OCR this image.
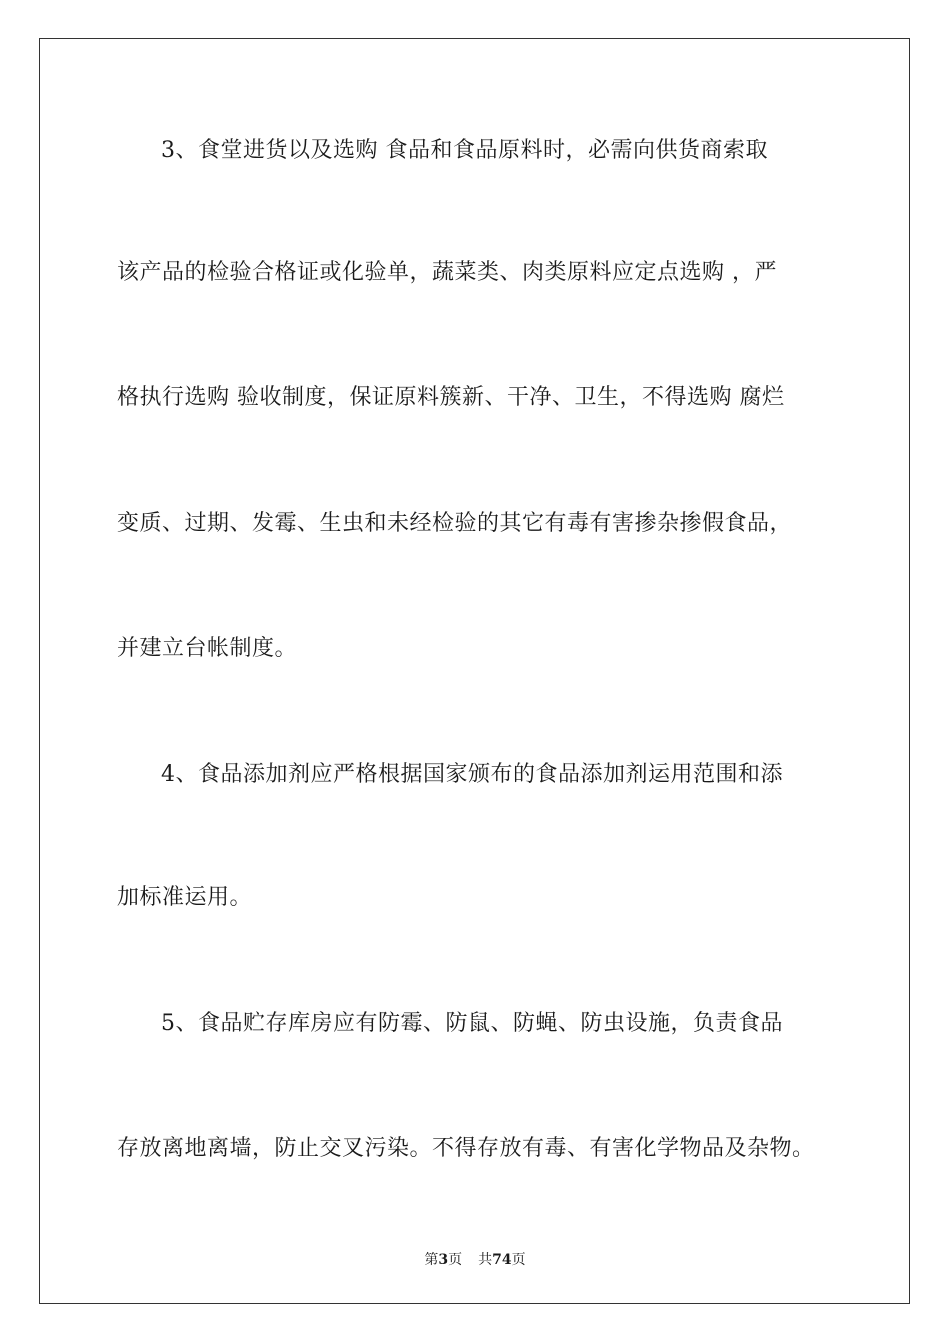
3、食堂进货以及选购 食品和食品原料时，必需向供货商索取
该产品的检验合格证或化验单，蔬菜类、肉类原料应定点选购 ，严
格执行选购 验收制度，保证原料簇新、干净、卫生，不得选购 腐烂
变质、过期、发霉、生虫和未经检验的其它有毒有害掺杂掺假食品，
并建立台帐制度。
4、食品添加剂应严格根据国家颁布的食品添加剂运用范围和添
加标准运用。
5、食品贮存库房应有防霉、防鼠、防蝇、防虫设施，负责食品
存放离地离墙，防止交叉污染。不得存放有毒、有害化学物品及杂物。
第3页 共74页
